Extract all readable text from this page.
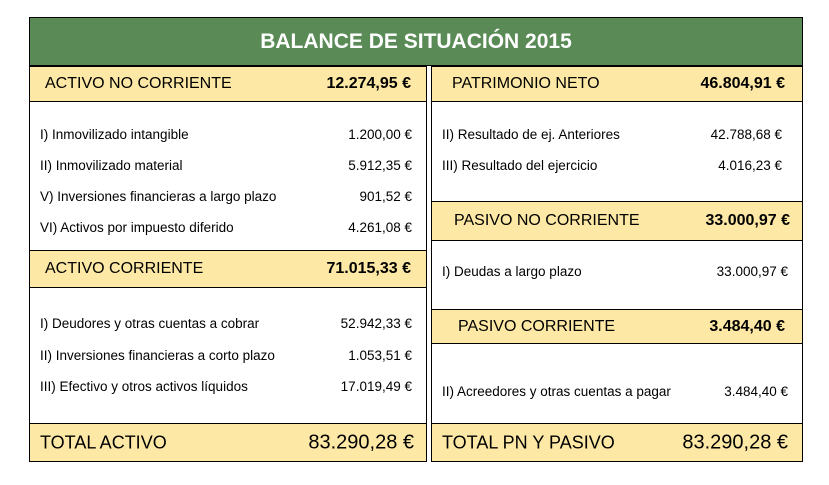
BALANCE DE SITUACIÓN 2015
ACTIVO NO CORRIENTE	12.274,95 €
I) Inmovilizado intangible	1.200,00 €
II) Inmovilizado material	5.912,35 €
V) Inversiones financieras a largo plazo	901,52 €
VI) Activos por impuesto diferido	4.261,08 €
ACTIVO CORRIENTE	71.015,33 €
I) Deudores y otras cuentas a cobrar	52.942,33 €
II) Inversiones financieras a corto plazo	1.053,51 €
III) Efectivo y otros activos líquidos	17.019,49 €
TOTAL ACTIVO	83.290,28 €
PATRIMONIO NETO	46.804,91 €
II) Resultado de ej. Anteriores	42.788,68 €
III) Resultado del ejercicio	4.016,23 €
PASIVO NO CORRIENTE	33.000,97 €
I) Deudas a largo plazo	33.000,97 €
PASIVO CORRIENTE	3.484,40 €
II) Acreedores y otras cuentas a pagar	3.484,40 €
TOTAL PN Y PASIVO	83.290,28 €
